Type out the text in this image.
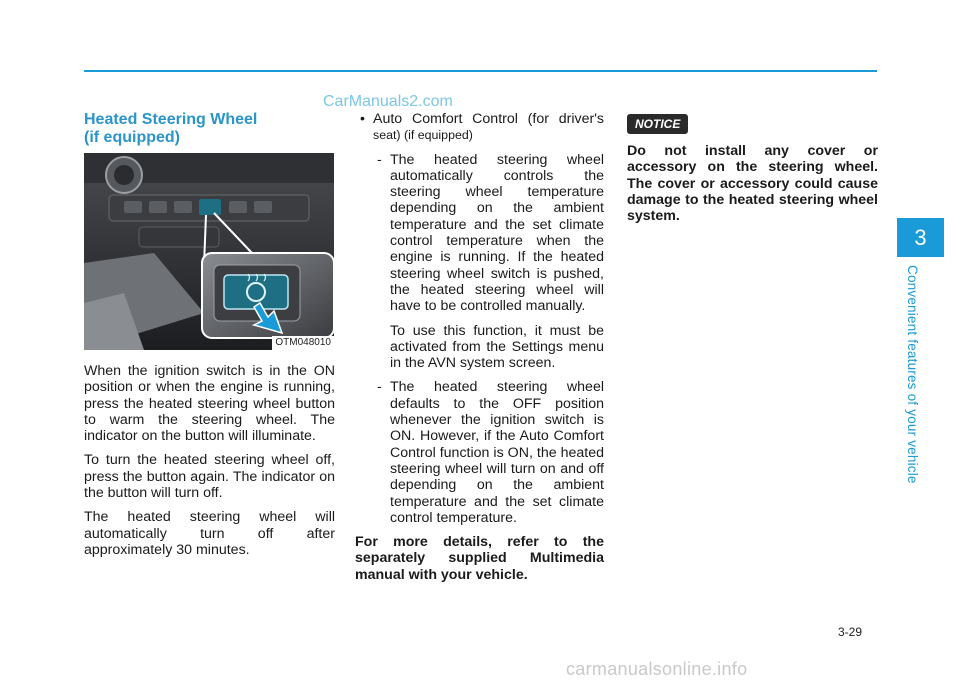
CarManuals2.com
Heated Steering Wheel
(if equipped)
OTM048010

When the ignition switch is in the ON position or when the engine is running, press the heated steering wheel button to warm the steering wheel. The indicator on the button will illuminate.

To turn the heated steering wheel off, press the button again. The indicator on the button will turn off.

The heated steering wheel will automatically turn off after approximately 30 minutes.

• Auto Comfort Control (for driver's seat) (if equipped)

- The heated steering wheel automatically controls the steering wheel temperature depending on the ambient temperature and the set climate control temperature when the engine is running. If the heated steering wheel switch is pushed, the heated steering wheel will have to be controlled manually.

To use this function, it must be activated from the Settings menu in the AVN system screen.

- The heated steering wheel defaults to the OFF position whenever the ignition switch is ON. However, if the Auto Comfort Control function is ON, the heated steering wheel will turn on and off depending on the ambient temperature and the set climate control temperature.

For more details, refer to the separately supplied Multimedia manual with your vehicle.

NOTICE

Do not install any cover or accessory on the steering wheel. The cover or accessory could cause damage to the heated steering wheel system.

3
Convenient features of your vehicle
3-29
carmanualsonline.info
